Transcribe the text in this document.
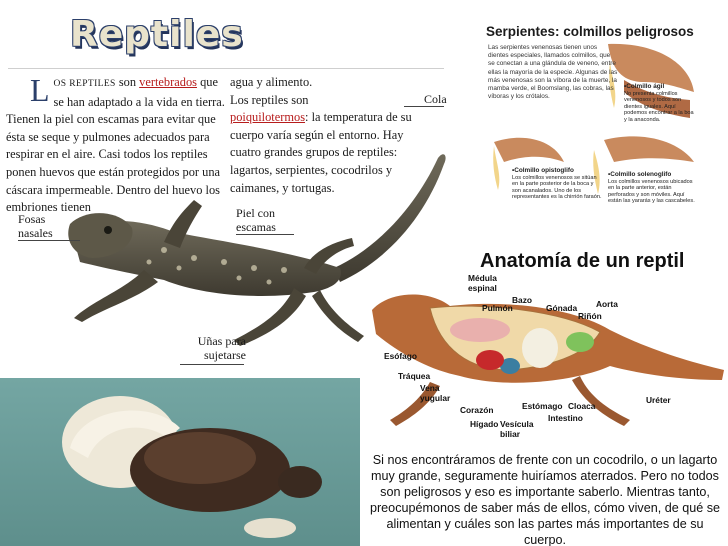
Reptiles
L OS REPTILES son vertebrados que se han adaptado a la vida en tierra. Tienen la piel con escamas para evitar que ésta se seque y pulmones adecuados para respirar en el aire. Casi todos los reptiles ponen huevos que están protegidos por una cáscara impermeable. Dentro del huevo los embriones tienen
agua y alimento.
Los reptiles son
poiquilotermos: la temperatura de su cuerpo varía según el entorno. Hay cuatro grandes grupos de reptiles: lagartos, serpientes, cocodrilos y caimanes, y tortugas.
Cola
Fosas nasales
Piel con escamas
Uñas para sujetarse
Serpientes: colmillos peligrosos
Las serpientes venenosas tienen unos dientes especiales, llamados colmillos, que se conectan a una glándula de veneno, entre ellas la mayoría de la especie. Algunas de las más venenosas son la víbora de la muerte, la mamba verde, el Boomslang, las cobras, las víboras y los crótalos.
•Colmillo ágil
No presenta colmillos venenosos y todos son dientes iguales. Aquí podemos encontrar a la boa y la anaconda.
•Colmillo opistoglifo
Los colmillos venenosos se sitúan en la parte posterior de la boca y son acanalados. Uno de los representantes es la chirrión faraón.
•Colmillo solenoglifo
Los colmillos venenosos ubicados en la parte anterior, están perforados y son móviles. Aquí están las yararás y las cascabeles.
Anatomía de un reptil
Médula espinal
Bazo
Pulmón	Gónada Aorta
Riñón
Esófago
Tráquea
Vena yugular
Corazón
Hígado Vesícula biliar
Estómago Cloaca
Intestino
Uréter
Si nos encontráramos de frente con un cocodrilo, o un lagarto muy grande, seguramente huiríamos aterrados. Pero no todos son peligrosos y eso es importante saberlo. Mientras tanto, preocupémonos de saber más de ellos, cómo viven, de qué se alimentan y cuáles son las partes más importantes de su cuerpo.
